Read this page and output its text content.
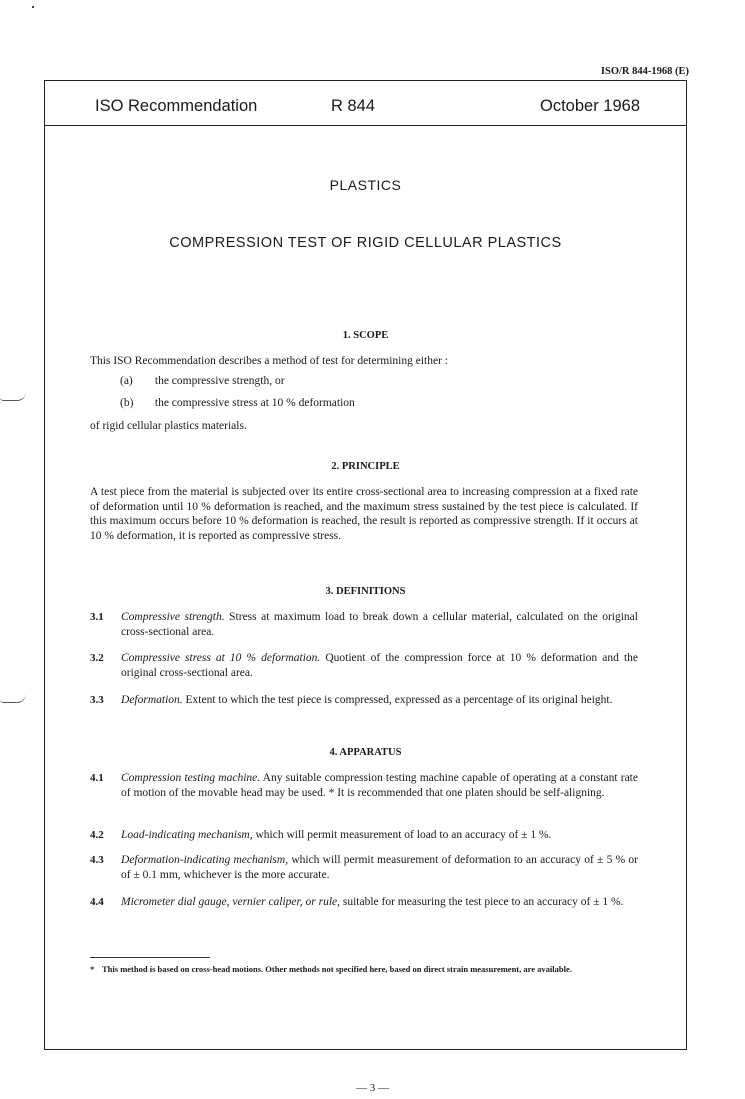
ISO/R 844-1968 (E)
ISO Recommendation	R 844	October 1968
PLASTICS
COMPRESSION TEST OF RIGID CELLULAR PLASTICS
1. SCOPE
This ISO Recommendation describes a method of test for determining either :
(a) the compressive strength, or
(b) the compressive stress at 10 % deformation
of rigid cellular plastics materials.
2. PRINCIPLE
A test piece from the material is subjected over its entire cross-sectional area to increasing compression at a fixed rate of deformation until 10 % deformation is reached, and the maximum stress sustained by the test piece is calculated. If this maximum occurs before 10 % deformation is reached, the result is reported as compressive strength. If it occurs at 10 % deformation, it is reported as compressive stress.
3. DEFINITIONS
3.1 Compressive strength. Stress at maximum load to break down a cellular material, calculated on the original cross-sectional area.
3.2 Compressive stress at 10 % deformation. Quotient of the compression force at 10 % deformation and the original cross-sectional area.
3.3 Deformation. Extent to which the test piece is compressed, expressed as a percentage of its original height.
4. APPARATUS
4.1 Compression testing machine. Any suitable compression testing machine capable of operating at a constant rate of motion of the movable head may be used. * It is recommended that one platen should be self-aligning.
4.2 Load-indicating mechanism, which will permit measurement of load to an accuracy of ± 1 %.
4.3 Deformation-indicating mechanism, which will permit measurement of deformation to an accuracy of ± 5 % or of ± 0.1 mm, whichever is the more accurate.
4.4 Micrometer dial gauge, vernier caliper, or rule, suitable for measuring the test piece to an accuracy of ± 1 %.
* This method is based on cross-head motions. Other methods not specified here, based on direct strain measurement, are available.
— 3 —
